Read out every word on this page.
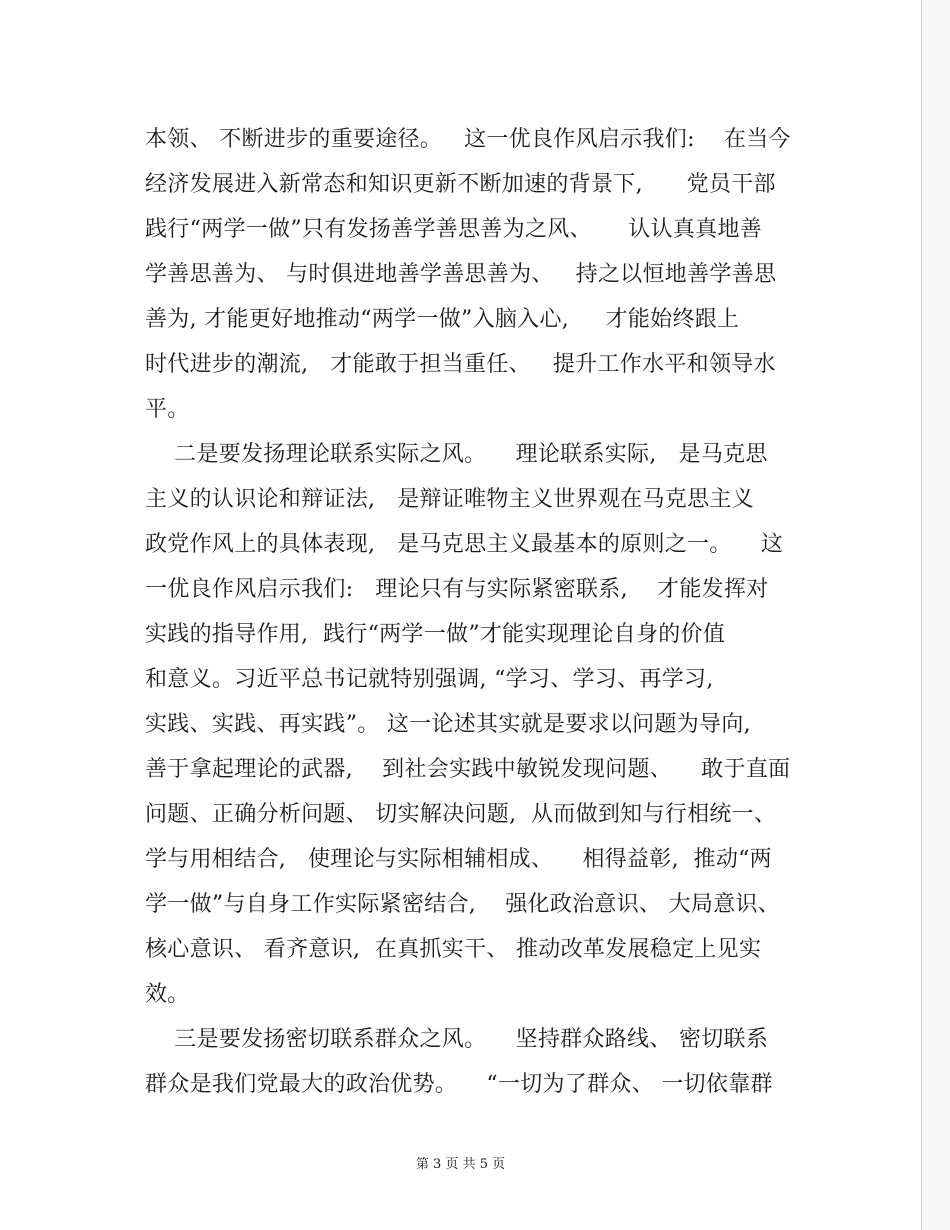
本领、 不断进步的重要途径。   这一优良作风启示我们:    在当今

经济发展进入新常态和知识更新不断加速的背景下,      党员干部

践行“两学一做”只有发扬善学善思善为之风、     认认真真地善

学善思善为、 与时俱进地善学善思善为、   持之以恒地善学善思

善为, 才能更好地推动“两学一做”入脑入心,     才能始终跟上

时代进步的潮流,   才能敢于担当重任、   提升工作水平和领导水

平。

二是要发扬理论联系实际之风。    理论联系实际,   是马克思

主义的认识论和辩证法,   是辩证唯物主义世界观在马克思主义

政党作风上的具体表现,   是马克思主义最基本的原则之一。    这

一优良作风启示我们:   理论只有与实际紧密联系,    才能发挥对

实践的指导作用,  践行“两学一做”才能实现理论自身的价值

和意义。习近平总书记就特别强调, “学习、学习、再学习,

实践、实践、再实践”。 这一论述其实就是要求以问题为导向,

善于拿起理论的武器,    到社会实践中敏锐发现问题、    敢于直面

问题、正确分析问题、 切实解决问题,  从而做到知与行相统一、

学与用相结合,   使理论与实际相辅相成、    相得益彰,  推动“两

学一做”与自身工作实际紧密结合,    强化政治意识、 大局意识、

核心意识、 看齐意识,  在真抓实干、 推动改革发展稳定上见实

效。

三是要发扬密切联系群众之风。    坚持群众路线、 密切联系

群众是我们党最大的政治优势。    “一切为了群众、 一切依靠群

第 3 页 共 5 页
